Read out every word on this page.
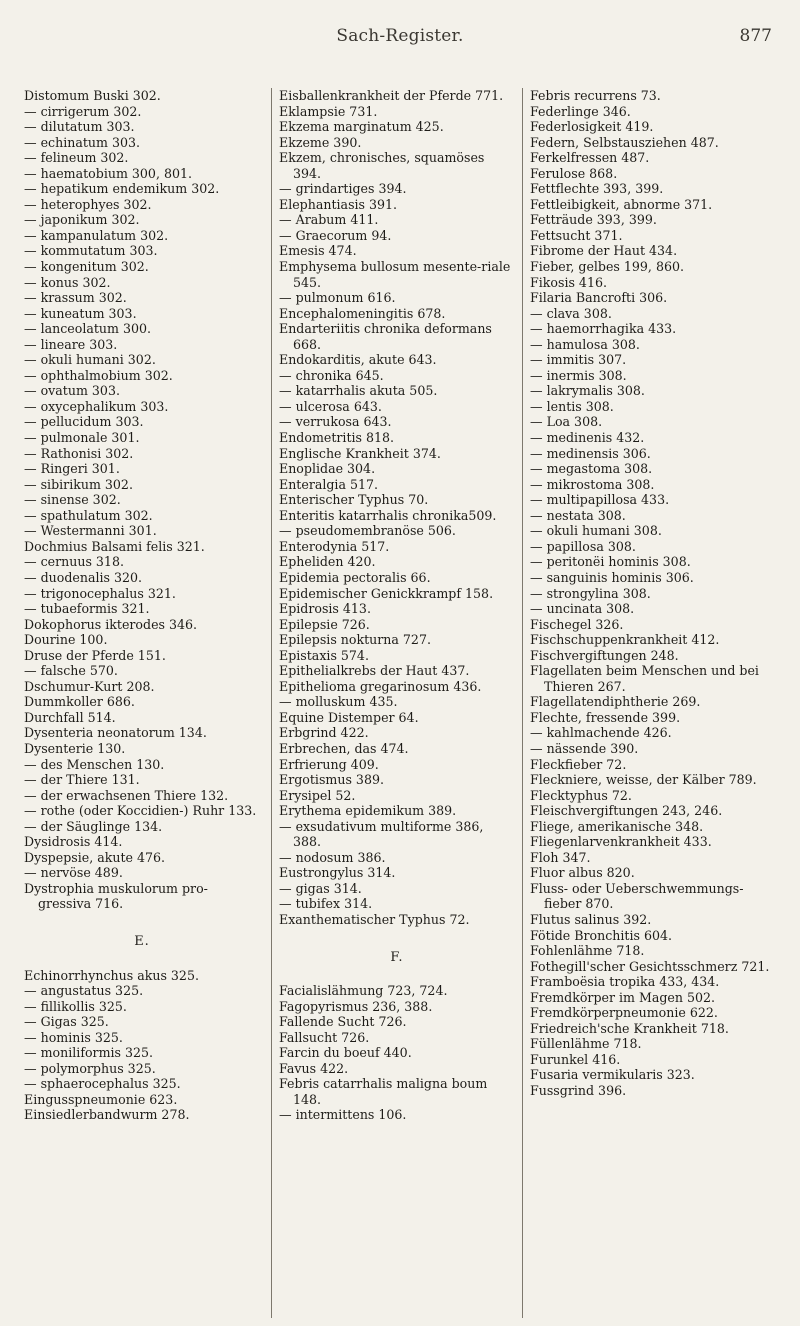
Sach-Register.	877
Distomum Buski 302.
— cirrigerum 302.
— dilutatum 303.
— echinatum 303.
— felineum 302.
— haematobium 300, 801.
— hepatikum endemikum 302.
— heterophyes 302.
— japonikum 302.
— kampanulatum 302.
— kommutatum 303.
— kongenitum 302.
— konus 302.
— krassum 302.
— kuneatum 303.
— lanceolatum 300.
— lineare 303.
— okuli humani 302.
— ophthalmobium 302.
— ovatum 303.
— oxycephalikum 303.
— pellucidum 303.
— pulmonale 301.
— Rathonisi 302.
— Ringeri 301.
— sibirikum 302.
— sinense 302.
— spathulatum 302.
— Westermanni 301.
Dochmius Balsami felis 321.
— cernuus 318.
— duodenalis 320.
— trigonocephalus 321.
— tubaeformis 321.
Dokophorus ikterodes 346.
Dourine 100.
Druse der Pferde 151.
— falsche 570.
Dschumur-Kurt 208.
Dummkoller 686.
Durchfall 514.
Dysenteria neonatorum 134.
Dysenterie 130.
— des Menschen 130.
— der Thiere 131.
— der erwachsenen Thiere 132.
— rothe (oder Koccidien-) Ruhr 133.
— der Säuglinge 134.
Dysidrosis 414.
Dyspepsie, akute 476.
— nervöse 489.
Dystrophia muskulorum pro-gressiva 716.
E.
Echinorrhynchus akus 325.
— angustatus 325.
— fillikollis 325.
— Gigas 325.
— hominis 325.
— moniliformis 325.
— polymorphus 325.
— sphaerocephalus 325.
Eingusspneumonie 623.
Einsiedlerbandwurm 278.
Eisballenkrankheit der Pferde 771.
Eklampsie 731.
Ekzema marginatum 425.
Ekzeme 390.
Ekzem, chronisches, squamöses 394.
— grindartiges 394.
Elephantiasis 391.
— Arabum 411.
— Graecorum 94.
Emesis 474.
Emphysema bullosum mesente-riale 545.
— pulmonum 616.
Encephalomeningitis 678.
Endarteriitis chronika deformans 668.
Endokarditis, akute 643.
— chronika 645.
— katarrhalis akuta 505.
— ulcerosa 643.
— verrukosa 643.
Endometritis 818.
Englische Krankheit 374.
Enoplidae 304.
Enteralgia 517.
Enterischer Typhus 70.
Enteritis katarrhalis chronika509.
— pseudomembranöse 506.
Enterodynia 517.
Epheliden 420.
Epidemia pectoralis 66.
Epidemischer Genickkrampf 158.
Epidrosis 413.
Epilepsie 726.
Epilepsis nokturna 727.
Epistaxis 574.
Epithelialkrebs der Haut 437.
Epithelioma gregarinosum 436.
— molluskum 435.
Equine Distemper 64.
Erbgrind 422.
Erbrechen, das 474.
Erfrierung 409.
Ergotismus 389.
Erysipel 52.
Erythema epidemikum 389.
— exsudativum multiforme 386, 388.
— nodosum 386.
Eustrongylus 314.
— gigas 314.
— tubifex 314.
Exanthematischer Typhus 72.
F.
Facialislähmung 723, 724.
Fagopyrismus 236, 388.
Fallende Sucht 726.
Fallsucht 726.
Farcin du boeuf 440.
Favus 422.
Febris catarrhalis maligna boum 148.
— intermittens 106.
Febris recurrens 73.
Federlinge 346.
Federlosigkeit 419.
Federn, Selbstausziehen 487.
Ferkelfressen 487.
Ferulose 868.
Fettflechte 393, 399.
Fettleibigkeit, abnorme 371.
Fetträude 393, 399.
Fettsucht 371.
Fibrome der Haut 434.
Fieber, gelbes 199, 860.
Fikosis 416.
Filaria Bancrofti 306.
— clava 308.
— haemorrhagika 433.
— hamulosa 308.
— immitis 307.
— inermis 308.
— lakrymalis 308.
— lentis 308.
— Loa 308.
— medinenis 432.
— medinensis 306.
— megastoma 308.
— mikrostoma 308.
— multipapillosa 433.
— nestata 308.
— okuli humani 308.
— papillosa 308.
— peritonëi hominis 308.
— sanguinis hominis 306.
— strongylina 308.
— uncinata 308.
Fischegel 326.
Fischschuppenkrankheit 412.
Fischvergiftungen 248.
Flagellaten beim Menschen und bei Thieren 267.
Flagellatendiphtherie 269.
Flechte, fressende 399.
— kahlmachende 426.
— nässende 390.
Fleckfieber 72.
Fleckniere, weisse, der Kälber 789.
Flecktyphus 72.
Fleischvergiftungen 243, 246.
Fliege, amerikanische 348.
Fliegenlarvenkrankheit 433.
Floh 347.
Fluor albus 820.
Fluss- oder Ueberschwemmungs-fieber 870.
Flutus salinus 392.
Fötide Bronchitis 604.
Fohlenlähme 718.
Fothegill'scher Gesichtsschmerz 721.
Framboësia tropika 433, 434.
Fremdkörper im Magen 502.
Fremdkörperpneumonie 622.
Friedreich'sche Krankheit 718.
Füllenlähme 718.
Furunkel 416.
Fusaria vermikularis 323.
Fussgrind 396.
